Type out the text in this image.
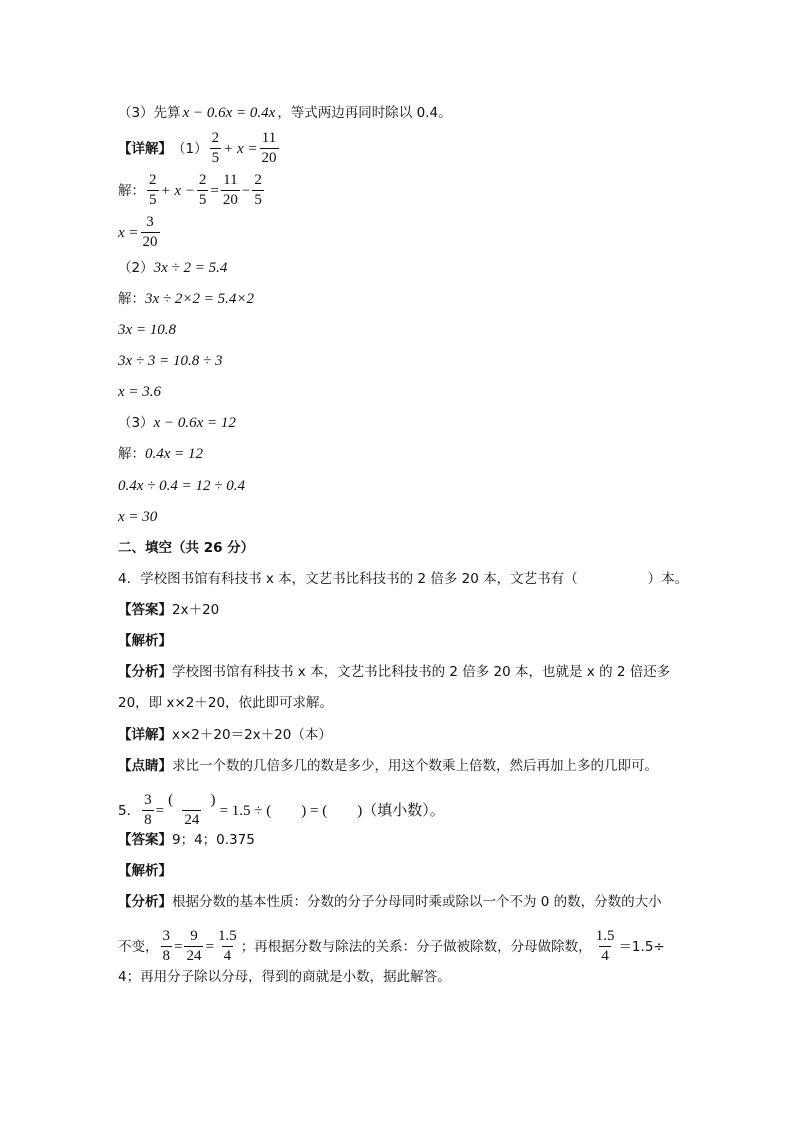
（3）先算 x − 0.6x = 0.4x ，等式两边再同时除以 0.4。
【详解】 $(1) \frac{2}{5} + x = \frac{11}{20}$
解： $\frac{2}{5} + x - \frac{2}{5} = \frac{11}{20} - \frac{2}{5}$
$x = \frac{3}{20}$
（2） 3x ÷ 2 = 5.4
解： 3x ÷ 2×2 = 5.4×2
3x = 10.8
3x ÷ 3 = 10.8 ÷ 3
x = 3.6
（3） x − 0.6x = 12
解： 0.4x = 12
0.4x ÷ 0.4 = 12 ÷ 0.4
x = 30
二、填空（共 26 分）
4．学校图书馆有科技书 x 本，文艺书比科技书的 2 倍多 20 本，文艺书有（	）本。
【答案】 2x＋20
【解析】
【分析】 学校图书馆有科技书 x 本，文艺书比科技书的 2 倍多 20 本，也就是 x 的 2 倍还多
20，即 x×2＋20，依此即可求解。
【详解】 x×2＋20＝2x＋20（本）
【点睛】 求比一个数的几倍多几的数是多少，用这个数乘上倍数，然后再加上多的几即可。
5． $\frac{3}{8} = \frac{( )}{24} = 1.5$ ÷ (        ) = (        )（填小数）。
【答案】 9；4；0.375
【解析】
【分析】 根据分数的基本性质：分数的分子分母同时乘或除以一个不为 0 的数，分数的大小
不变， $\frac{3}{8} = \frac{9}{24} = \frac{1.5}{4}$ ；再根据分数与除法的关系：分子做被除数，分母做除数， $\frac{1.5}{4} =1.5\div$
4；再用分子除以分母，得到的商就是小数，据此解答。
